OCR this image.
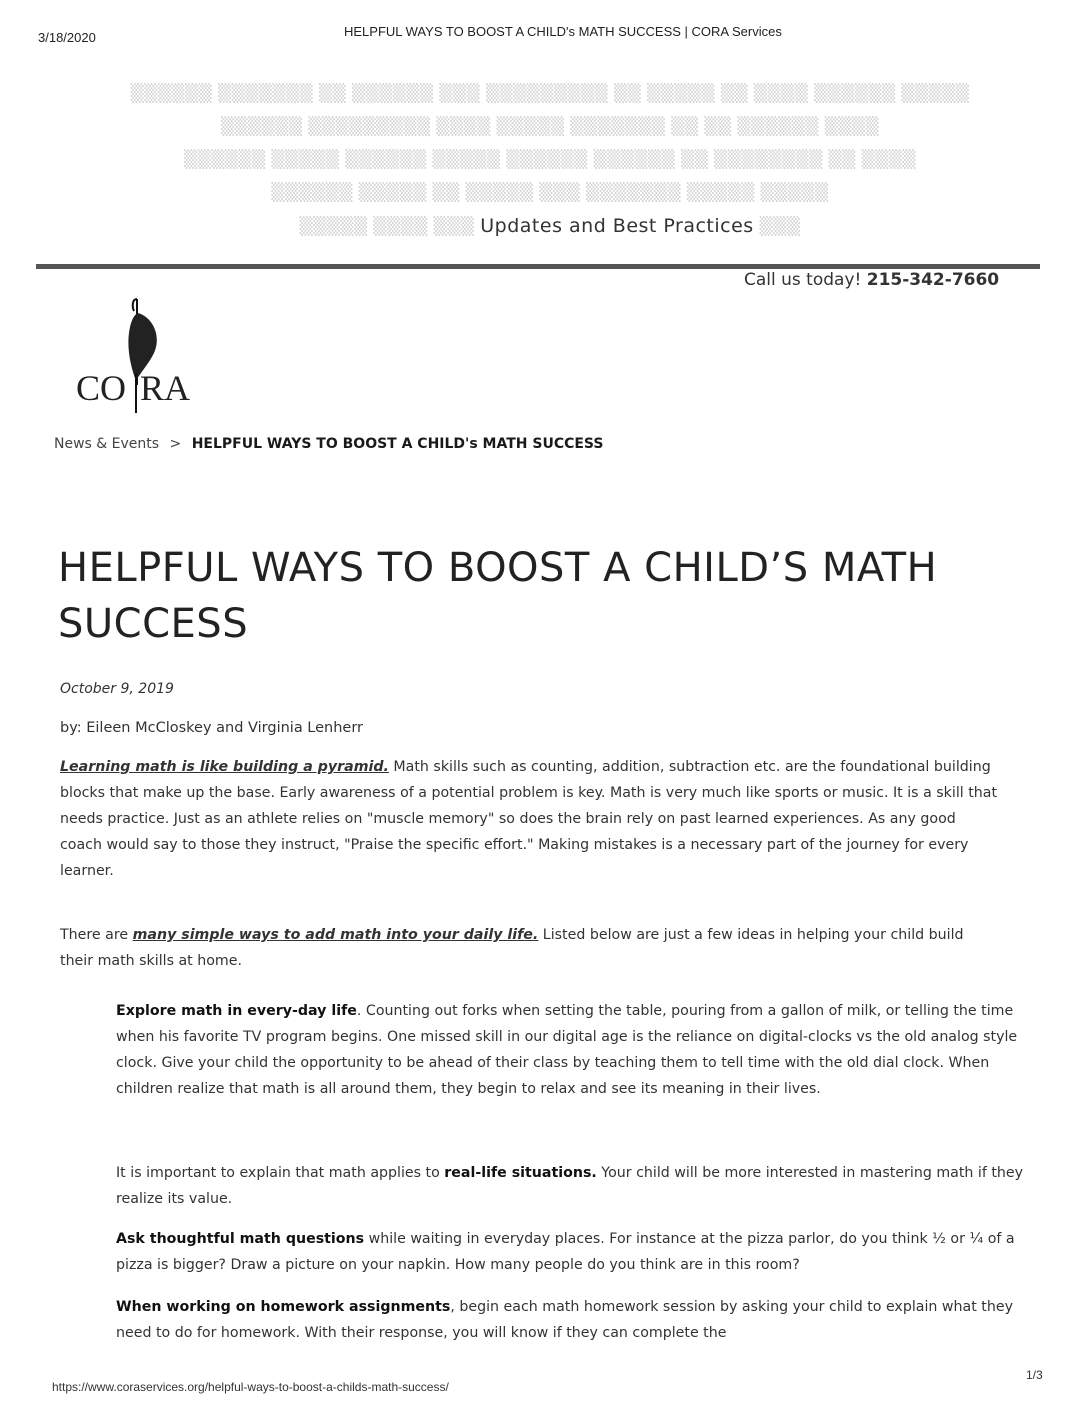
3/18/2020	HELPFUL WAYS TO BOOST A CHILD's MATH SUCCESS | CORA Services
▒▒▒▒▒▒ ▒▒▒▒▒▒▒ ▒▒ ▒▒▒▒▒▒ ▒▒▒ ▒▒▒▒▒▒▒▒▒ ▒▒ ▒▒▒▒▒ ▒▒ ▒▒▒▒ ▒▒▒▒▒▒ ▒▒▒▒▒
▒▒▒▒▒▒ ▒▒▒▒▒▒▒▒▒ ▒▒▒▒ ▒▒▒▒▒ ▒▒▒▒▒▒▒ ▒▒ ▒▒ ▒▒▒▒▒▒ ▒▒▒▒
▒▒▒▒▒▒ ▒▒▒▒▒ ▒▒▒▒▒▒ ▒▒▒▒▒ ▒▒▒▒▒▒ ▒▒▒▒▒▒ ▒▒ ▒▒▒▒▒▒▒▒ ▒▒ ▒▒▒▒
▒▒▒▒▒▒ ▒▒▒▒▒ ▒▒ ▒▒▒▒▒ ▒▒▒ ▒▒▒▒▒▒▒ ▒▒▒▒▒ ▒▒▒▒▒
▒▒▒▒▒ ▒▒▒▒ ▒▒▒ Updates and Best Practices ▒▒▒
Call us today! 215-342-7660
CO RA
News & Events > HELPFUL WAYS TO BOOST A CHILD's MATH SUCCESS
HELPFUL WAYS TO BOOST A CHILD’S MATH SUCCESS
October 9, 2019
by: Eileen McCloskey and Virginia Lenherr
Learning math is like building a pyramid. Math skills such as counting, addition, subtraction etc. are the foundational building blocks that make up the base. Early awareness of a potential problem is key. Math is very much like sports or music. It is a skill that needs practice. Just as an athlete relies on "muscle memory" so does the brain rely on past learned experiences. As any good coach would say to those they instruct, "Praise the specific effort." Making mistakes is a necessary part of the journey for every learner.
There are many simple ways to add math into your daily life. Listed below are just a few ideas in helping your child build their math skills at home.
Explore math in every-day life. Counting out forks when setting the table, pouring from a gallon of milk, or telling the time when his favorite TV program begins. One missed skill in our digital age is the reliance on digital-clocks vs the old analog style clock. Give your child the opportunity to be ahead of their class by teaching them to tell time with the old dial clock. When children realize that math is all around them, they begin to relax and see its meaning in their lives.
It is important to explain that math applies to real-life situations. Your child will be more interested in mastering math if they realize its value.
Ask thoughtful math questions while waiting in everyday places. For instance at the pizza parlor, do you think ½ or ¼ of a pizza is bigger? Draw a picture on your napkin. How many people do you think are in this room?
When working on homework assignments, begin each math homework session by asking your child to explain what they need to do for homework. With their response, you will know if they can complete the
https://www.coraservices.org/helpful-ways-to-boost-a-childs-math-success/
1/3
